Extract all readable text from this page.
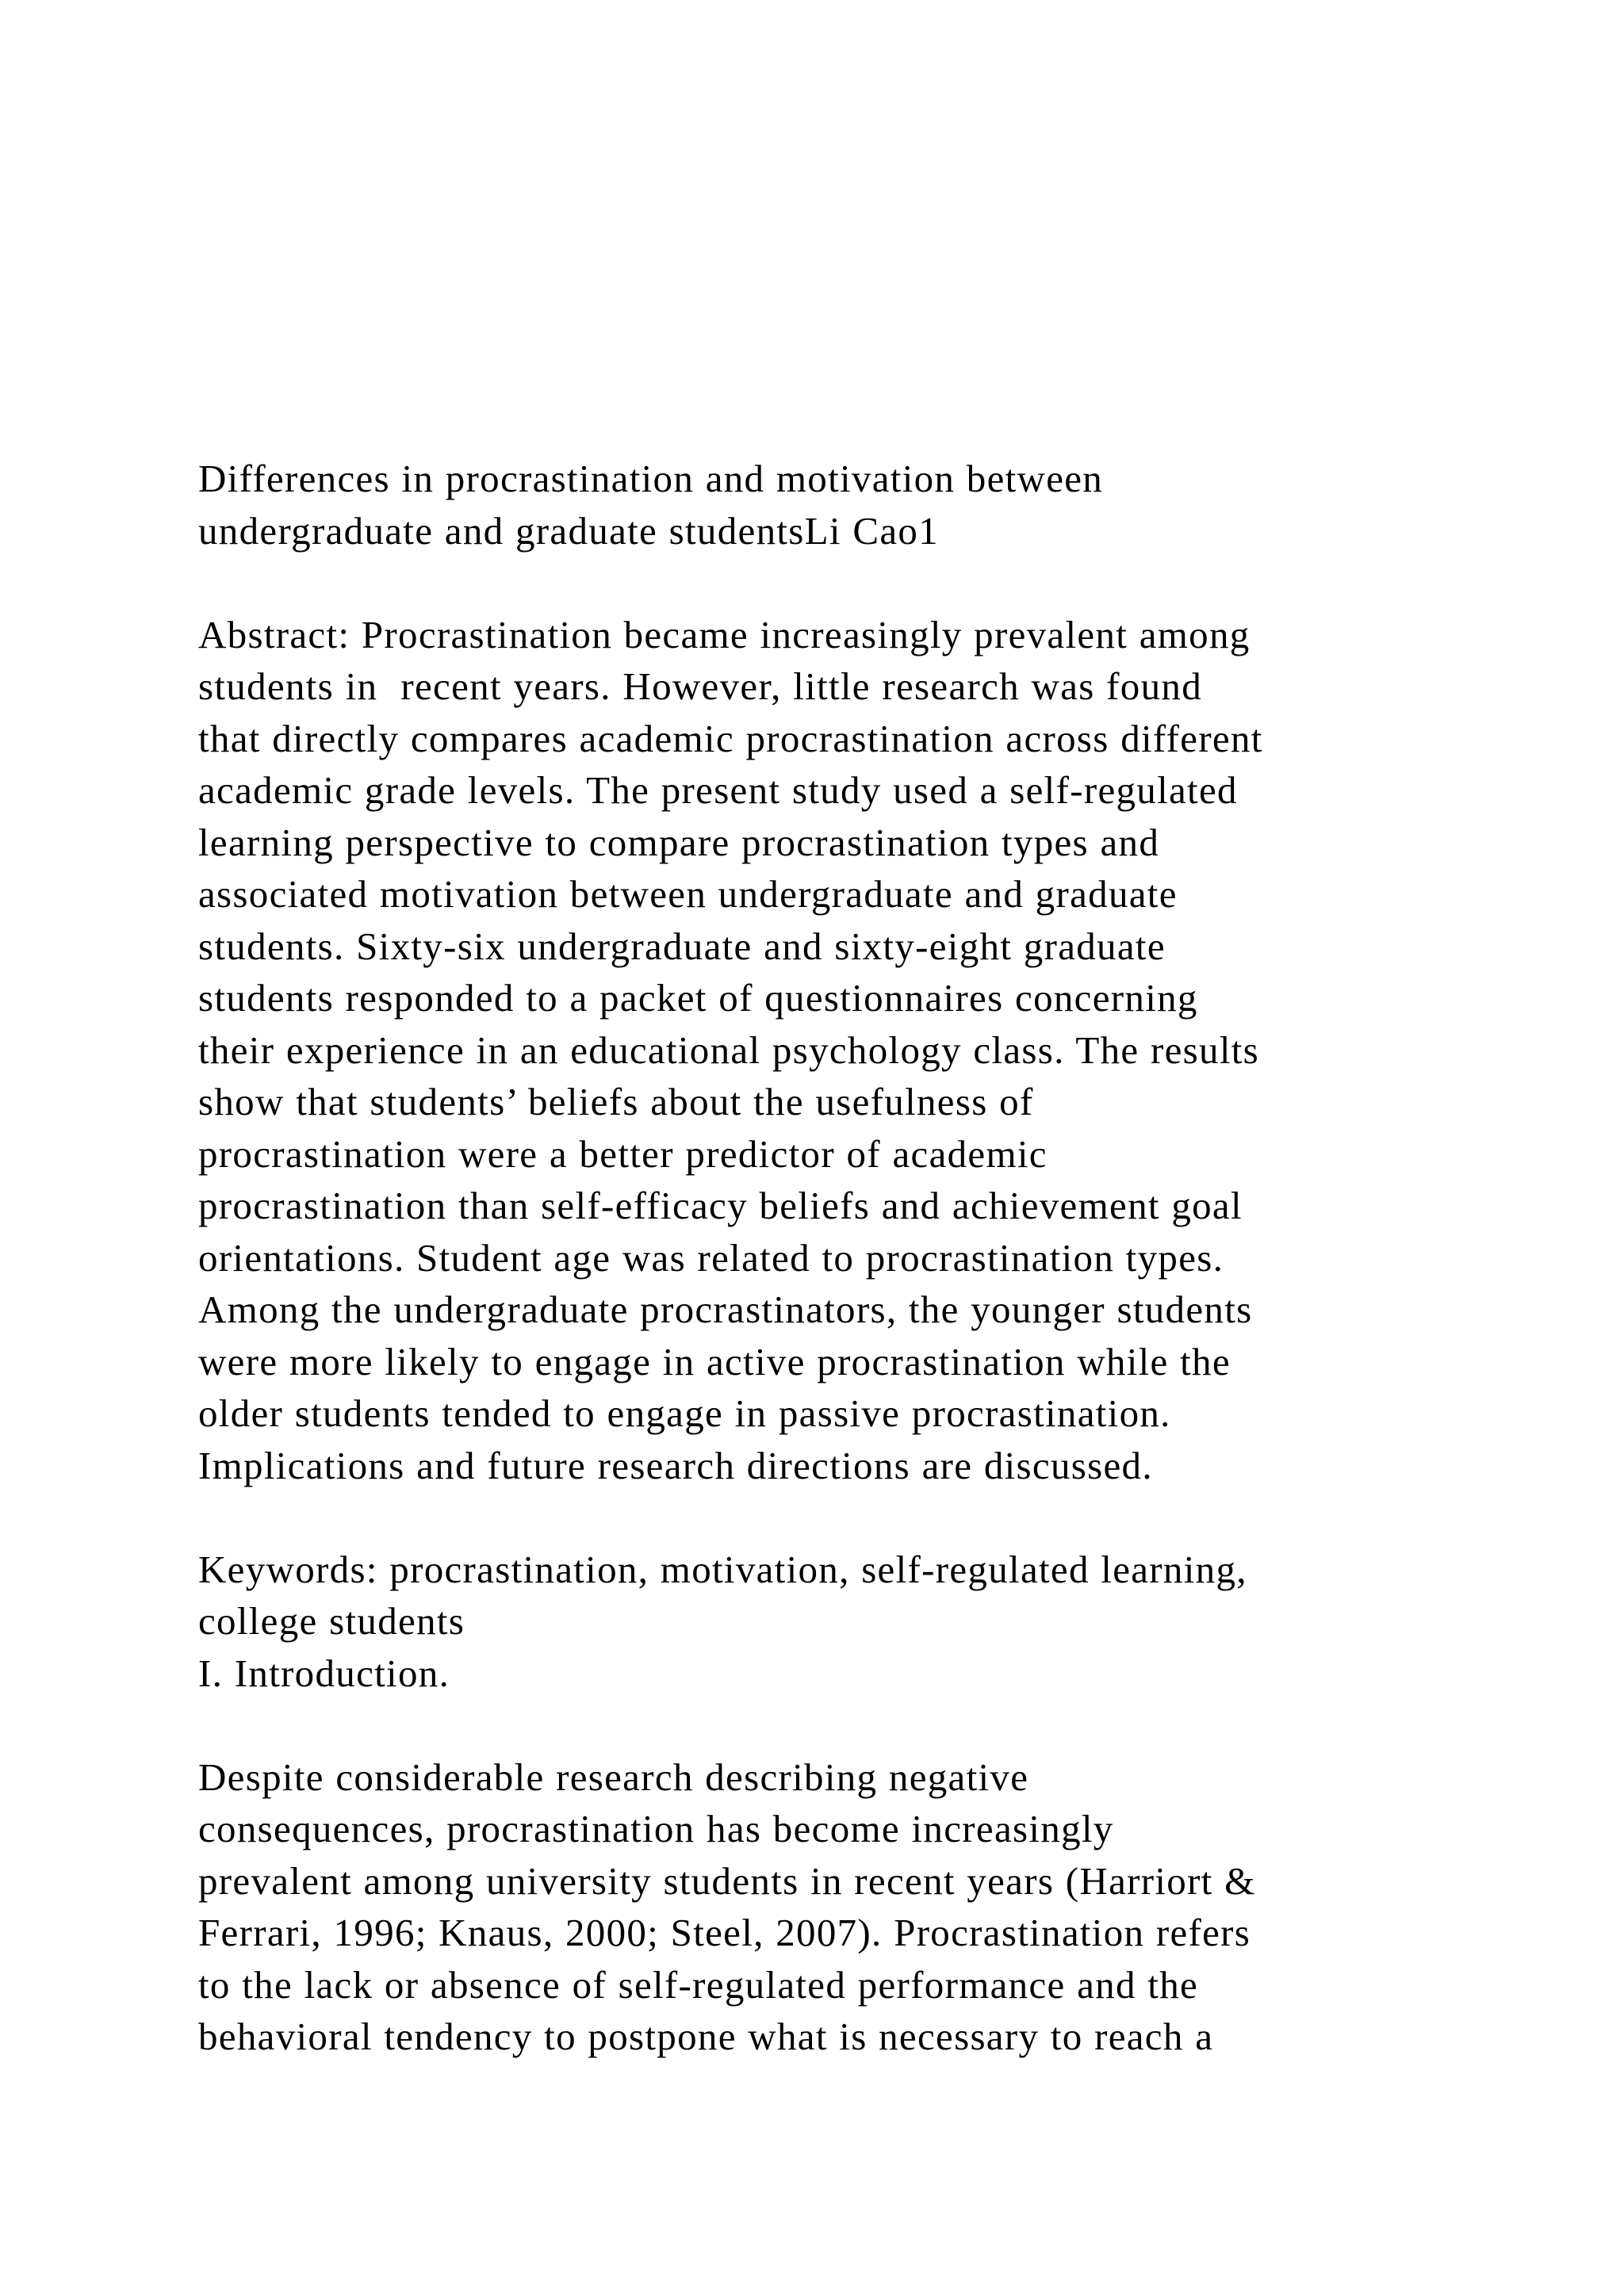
Differences in procrastination and motivation between
undergraduate and graduate studentsLi Cao1
Abstract: Procrastination became increasingly prevalent among
students in  recent years. However, little research was found
that directly compares academic procrastination across different
academic grade levels. The present study used a self-regulated
learning perspective to compare procrastination types and
associated motivation between undergraduate and graduate
students. Sixty-six undergraduate and sixty-eight graduate
students responded to a packet of questionnaires concerning
their experience in an educational psychology class. The results
show that students’ beliefs about the usefulness of
procrastination were a better predictor of academic
procrastination than self-efficacy beliefs and achievement goal
orientations. Student age was related to procrastination types.
Among the undergraduate procrastinators, the younger students
were more likely to engage in active procrastination while the
older students tended to engage in passive procrastination.
Implications and future research directions are discussed.
Keywords: procrastination, motivation, self-regulated learning,
college students
I. Introduction.
Despite considerable research describing negative
consequences, procrastination has become increasingly
prevalent among university students in recent years (Harriort &
Ferrari, 1996; Knaus, 2000; Steel, 2007). Procrastination refers
to the lack or absence of self-regulated performance and the
behavioral tendency to postpone what is necessary to reach a
